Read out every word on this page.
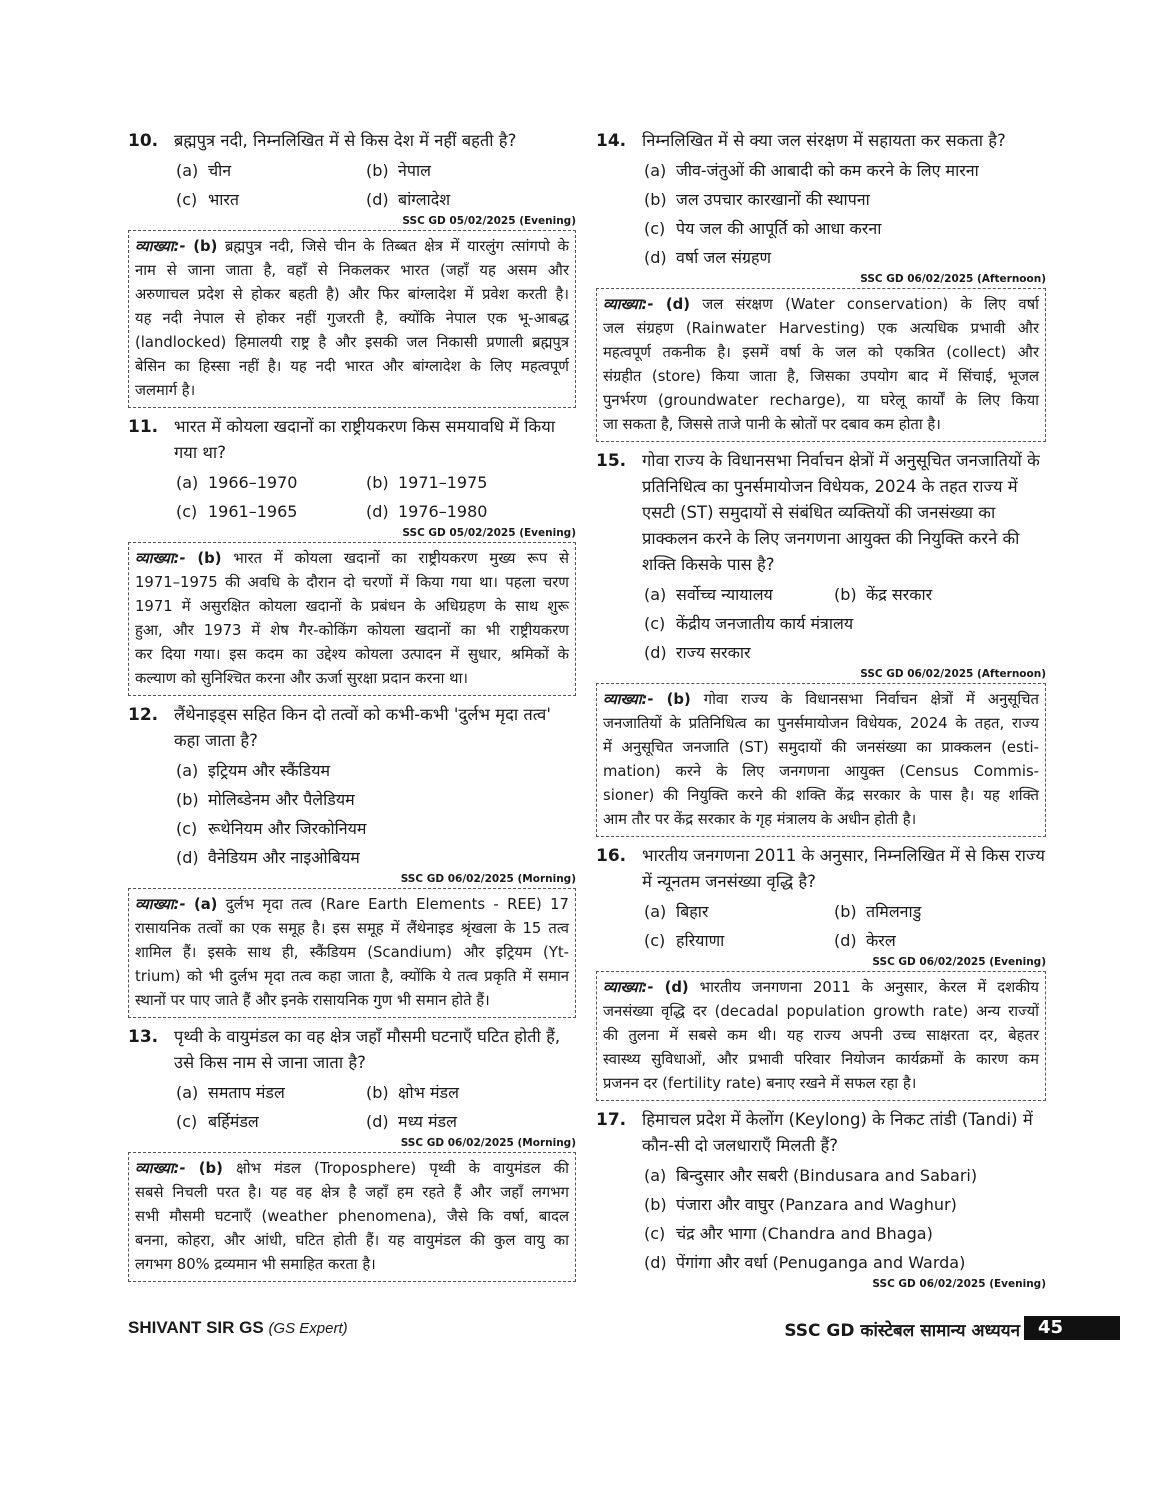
10. ब्रह्मपुत्र नदी, निम्नलिखित में से किस देश में नहीं बहती है?
(a) चीन	(b) नेपाल
(c) भारत	(d) बांग्लादेश
SSC GD 05/02/2025 (Evening)
व्याख्या:- (b) ब्रह्मपुत्र नदी, जिसे चीन के तिब्बत क्षेत्र में यारलुंग त्सांगपो के
नाम से जाना जाता है, वहाँ से निकलकर भारत (जहाँ यह असम और
अरुणाचल प्रदेश से होकर बहती है) और फिर बांग्लादेश में प्रवेश करती है।
यह नदी नेपाल से होकर नहीं गुजरती है, क्योंकि नेपाल एक भू-आबद्ध
(landlocked) हिमालयी राष्ट्र है और इसकी जल निकासी प्रणाली ब्रह्मपुत्र
बेसिन का हिस्सा नहीं है। यह नदी भारत और बांग्लादेश के लिए महत्वपूर्ण
जलमार्ग है।
11. भारत में कोयला खदानों का राष्ट्रीयकरण किस समयावधि में किया गया था?
(a) 1966–1970	(b) 1971–1975
(c) 1961–1965	(d) 1976–1980
SSC GD 05/02/2025 (Evening)
व्याख्या:- (b) भारत में कोयला खदानों का राष्ट्रीयकरण मुख्य रूप से
1971–1975 की अवधि के दौरान दो चरणों में किया गया था। पहला चरण
1971 में असुरक्षित कोयला खदानों के प्रबंधन के अधिग्रहण के साथ शुरू
हुआ, और 1973 में शेष गैर-कोकिंग कोयला खदानों का भी राष्ट्रीयकरण
कर दिया गया। इस कदम का उद्देश्य कोयला उत्पादन में सुधार, श्रमिकों के
कल्याण को सुनिश्चित करना और ऊर्जा सुरक्षा प्रदान करना था।
12. लैंथेनाइड्स सहित किन दो तत्वों को कभी-कभी 'दुर्लभ मृदा तत्व' कहा जाता है?
(a) इट्रियम और स्कैंडियम
(b) मोलिब्डेनम और पैलेडियम
(c) रूथेनियम और जिरकोनियम
(d) वैनेडियम और नाइओबियम
SSC GD 06/02/2025 (Morning)
व्याख्या:- (a) दुर्लभ मृदा तत्व (Rare Earth Elements - REE) 17
रासायनिक तत्वों का एक समूह है। इस समूह में लैंथेनाइड श्रृंखला के 15 तत्व
शामिल हैं। इसके साथ ही, स्कैंडियम (Scandium) और इट्रियम (Yt-
trium) को भी दुर्लभ मृदा तत्व कहा जाता है, क्योंकि ये तत्व प्रकृति में समान
स्थानों पर पाए जाते हैं और इनके रासायनिक गुण भी समान होते हैं।
13. पृथ्वी के वायुमंडल का वह क्षेत्र जहाँ मौसमी घटनाएँ घटित होती हैं, उसे किस नाम से जाना जाता है?
(a) समताप मंडल	(b) क्षोभ मंडल
(c) बर्हिमंडल	(d) मध्य मंडल
SSC GD 06/02/2025 (Morning)
व्याख्या:- (b) क्षोभ मंडल (Troposphere) पृथ्वी के वायुमंडल की
सबसे निचली परत है। यह वह क्षेत्र है जहाँ हम रहते हैं और जहाँ लगभग
सभी मौसमी घटनाएँ (weather phenomena), जैसे कि वर्षा, बादल
बनना, कोहरा, और आंधी, घटित होती हैं। यह वायुमंडल की कुल वायु का
लगभग 80% द्रव्यमान भी समाहित करता है।
14. निम्नलिखित में से क्या जल संरक्षण में सहायता कर सकता है?
(a) जीव-जंतुओं की आबादी को कम करने के लिए मारना
(b) जल उपचार कारखानों की स्थापना
(c) पेय जल की आपूर्ति को आधा करना
(d) वर्षा जल संग्रहण
SSC GD 06/02/2025 (Afternoon)
व्याख्या:- (d) जल संरक्षण (Water conservation) के लिए वर्षा
जल संग्रहण (Rainwater Harvesting) एक अत्यधिक प्रभावी और
महत्वपूर्ण तकनीक है। इसमें वर्षा के जल को एकत्रित (collect) और
संग्रहीत (store) किया जाता है, जिसका उपयोग बाद में सिंचाई, भूजल
पुनर्भरण (groundwater recharge), या घरेलू कार्यों के लिए किया
जा सकता है, जिससे ताजे पानी के स्रोतों पर दबाव कम होता है।
15. गोवा राज्य के विधानसभा निर्वाचन क्षेत्रों में अनुसूचित जनजातियों के प्रतिनिधित्व का पुनर्समायोजन विधेयक, 2024 के तहत राज्य में एसटी (ST) समुदायों से संबंधित व्यक्तियों की जनसंख्या का प्राक्कलन करने के लिए जनगणना आयुक्त की नियुक्ति करने की शक्ति किसके पास है?
(a) सर्वोच्च न्यायालय	(b) केंद्र सरकार
(c) केंद्रीय जनजातीय कार्य मंत्रालय
(d) राज्य सरकार
SSC GD 06/02/2025 (Afternoon)
व्याख्या:- (b) गोवा राज्य के विधानसभा निर्वाचन क्षेत्रों में अनुसूचित
जनजातियों के प्रतिनिधित्व का पुनर्समायोजन विधेयक, 2024 के तहत, राज्य
में अनुसूचित जनजाति (ST) समुदायों की जनसंख्या का प्राक्कलन (esti-
mation) करने के लिए जनगणना आयुक्त (Census Commis-
sioner) की नियुक्ति करने की शक्ति केंद्र सरकार के पास है। यह शक्ति
आम तौर पर केंद्र सरकार के गृह मंत्रालय के अधीन होती है।
16. भारतीय जनगणना 2011 के अनुसार, निम्नलिखित में से किस राज्य में न्यूनतम जनसंख्या वृद्धि है?
(a) बिहार	(b) तमिलनाडु
(c) हरियाणा	(d) केरल
SSC GD 06/02/2025 (Evening)
व्याख्या:- (d) भारतीय जनगणना 2011 के अनुसार, केरल में दशकीय
जनसंख्या वृद्धि दर (decadal population growth rate) अन्य राज्यों
की तुलना में सबसे कम थी। यह राज्य अपनी उच्च साक्षरता दर, बेहतर
स्वास्थ्य सुविधाओं, और प्रभावी परिवार नियोजन कार्यक्रमों के कारण कम
प्रजनन दर (fertility rate) बनाए रखने में सफल रहा है।
17. हिमाचल प्रदेश में केलोंग (Keylong) के निकट तांडी (Tandi) में कौन-सी दो जलधाराएँ मिलती हैं?
(a) बिन्दुसार और सबरी (Bindusara and Sabari)
(b) पंजारा और वाघुर (Panzara and Waghur)
(c) चंद्र और भागा (Chandra and Bhaga)
(d) पेंगांगा और वर्धा (Penuganga and Warda)
SSC GD 06/02/2025 (Evening)
SHIVANT SIR GS (GS Expert)	SSC GD कांस्टेबल सामान्य अध्ययन	45
